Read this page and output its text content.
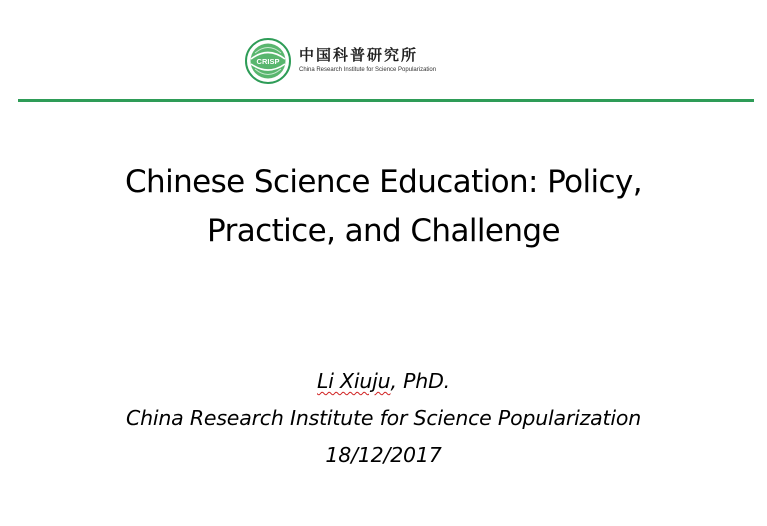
CRISP 中国科普研究所
China Research Institute for Science Popularization
Chinese Science Education: Policy,
Practice, and Challenge
Li Xiuju, PhD.
China Research Institute for Science Popularization
18/12/2017
